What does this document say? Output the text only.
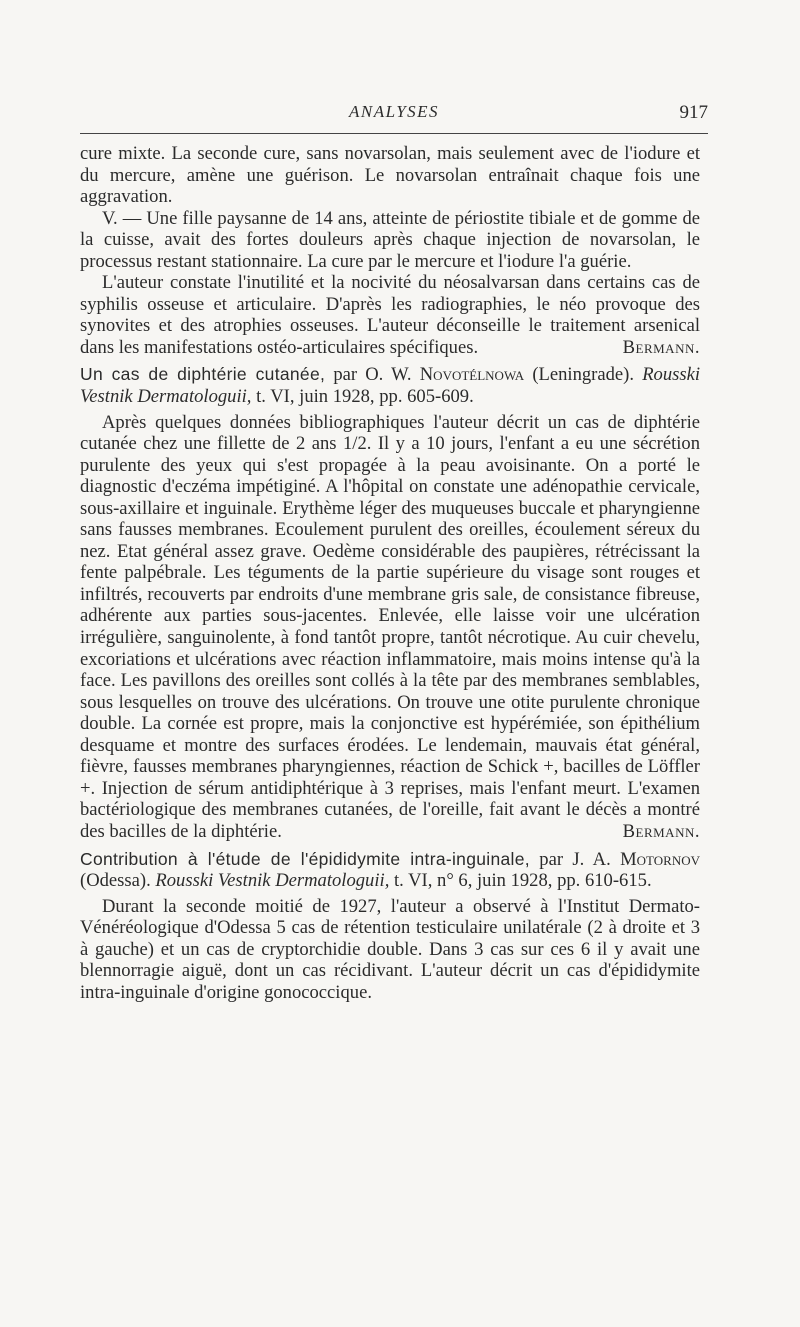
ANALYSES	917

cure mixte. La seconde cure, sans novarsolan, mais seulement avec de l'iodure et du mercure, amène une guérison. Le novarsolan entraînait chaque fois une aggravation.

V. — Une fille paysanne de 14 ans, atteinte de périostite tibiale et de gomme de la cuisse, avait des fortes douleurs après chaque injection de novarsolan, le processus restant stationnaire. La cure par le mercure et l'iodure l'a guérie.

L'auteur constate l'inutilité et la nocivité du néosalvarsan dans certains cas de syphilis osseuse et articulaire. D'après les radiographies, le néo provoque des synovites et des atrophies osseuses. L'auteur déconseille le traitement arsenical dans les manifestations ostéo-articulaires spécifiques.	Bermann.

Un cas de diphtérie cutanée, par O. W. Novotélnowa (Leningrade). Rousski Vestnik Dermatologuii, t. VI, juin 1928, pp. 605-609.

Après quelques données bibliographiques l'auteur décrit un cas de diphtérie cutanée chez une fillette de 2 ans 1/2. Il y a 10 jours, l'enfant a eu une sécrétion purulente des yeux qui s'est propagée à la peau avoisinante. On a porté le diagnostic d'eczéma impétiginé. A l'hôpital on constate une adénopathie cervicale, sous-axillaire et inguinale. Erythème léger des muqueuses buccale et pharyngienne sans fausses membranes. Ecoulement purulent des oreilles, écoulement séreux du nez. Etat général assez grave. Oedème considérable des paupières, rétrécissant la fente palpébrale. Les téguments de la partie supérieure du visage sont rouges et infiltrés, recouverts par endroits d'une membrane gris sale, de consistance fibreuse, adhérente aux parties sous-jacentes. Enlevée, elle laisse voir une ulcération irrégulière, sanguinolente, à fond tantôt propre, tantôt nécrotique. Au cuir chevelu, excoriations et ulcérations avec réaction inflammatoire, mais moins intense qu'à la face. Les pavillons des oreilles sont collés à la tête par des membranes semblables, sous lesquelles on trouve des ulcérations. On trouve une otite purulente chronique double. La cornée est propre, mais la conjonctive est hypérémiée, son épithélium desquame et montre des surfaces érodées. Le lendemain, mauvais état général, fièvre, fausses membranes pharyngiennes, réaction de Schick +, bacilles de Löffler +. Injection de sérum antidiphtérique à 3 reprises, mais l'enfant meurt. L'examen bactériologique des membranes cutanées, de l'oreille, fait avant le décès a montré des bacilles de la diphtérie.	Bermann.

Contribution à l'étude de l'épididymite intra-inguinale, par J. A. Motornov (Odessa). Rousski Vestnik Dermatologuii, t. VI, n° 6, juin 1928, pp. 610-615.

Durant la seconde moitié de 1927, l'auteur a observé à l'Institut Dermato-Vénéréologique d'Odessa 5 cas de rétention testiculaire unilatérale (2 à droite et 3 à gauche) et un cas de cryptorchidie double. Dans 3 cas sur ces 6 il y avait une blennorragie aiguë, dont un cas récidivant. L'auteur décrit un cas d'épididymite intra-inguinale d'origine gonococcique.
